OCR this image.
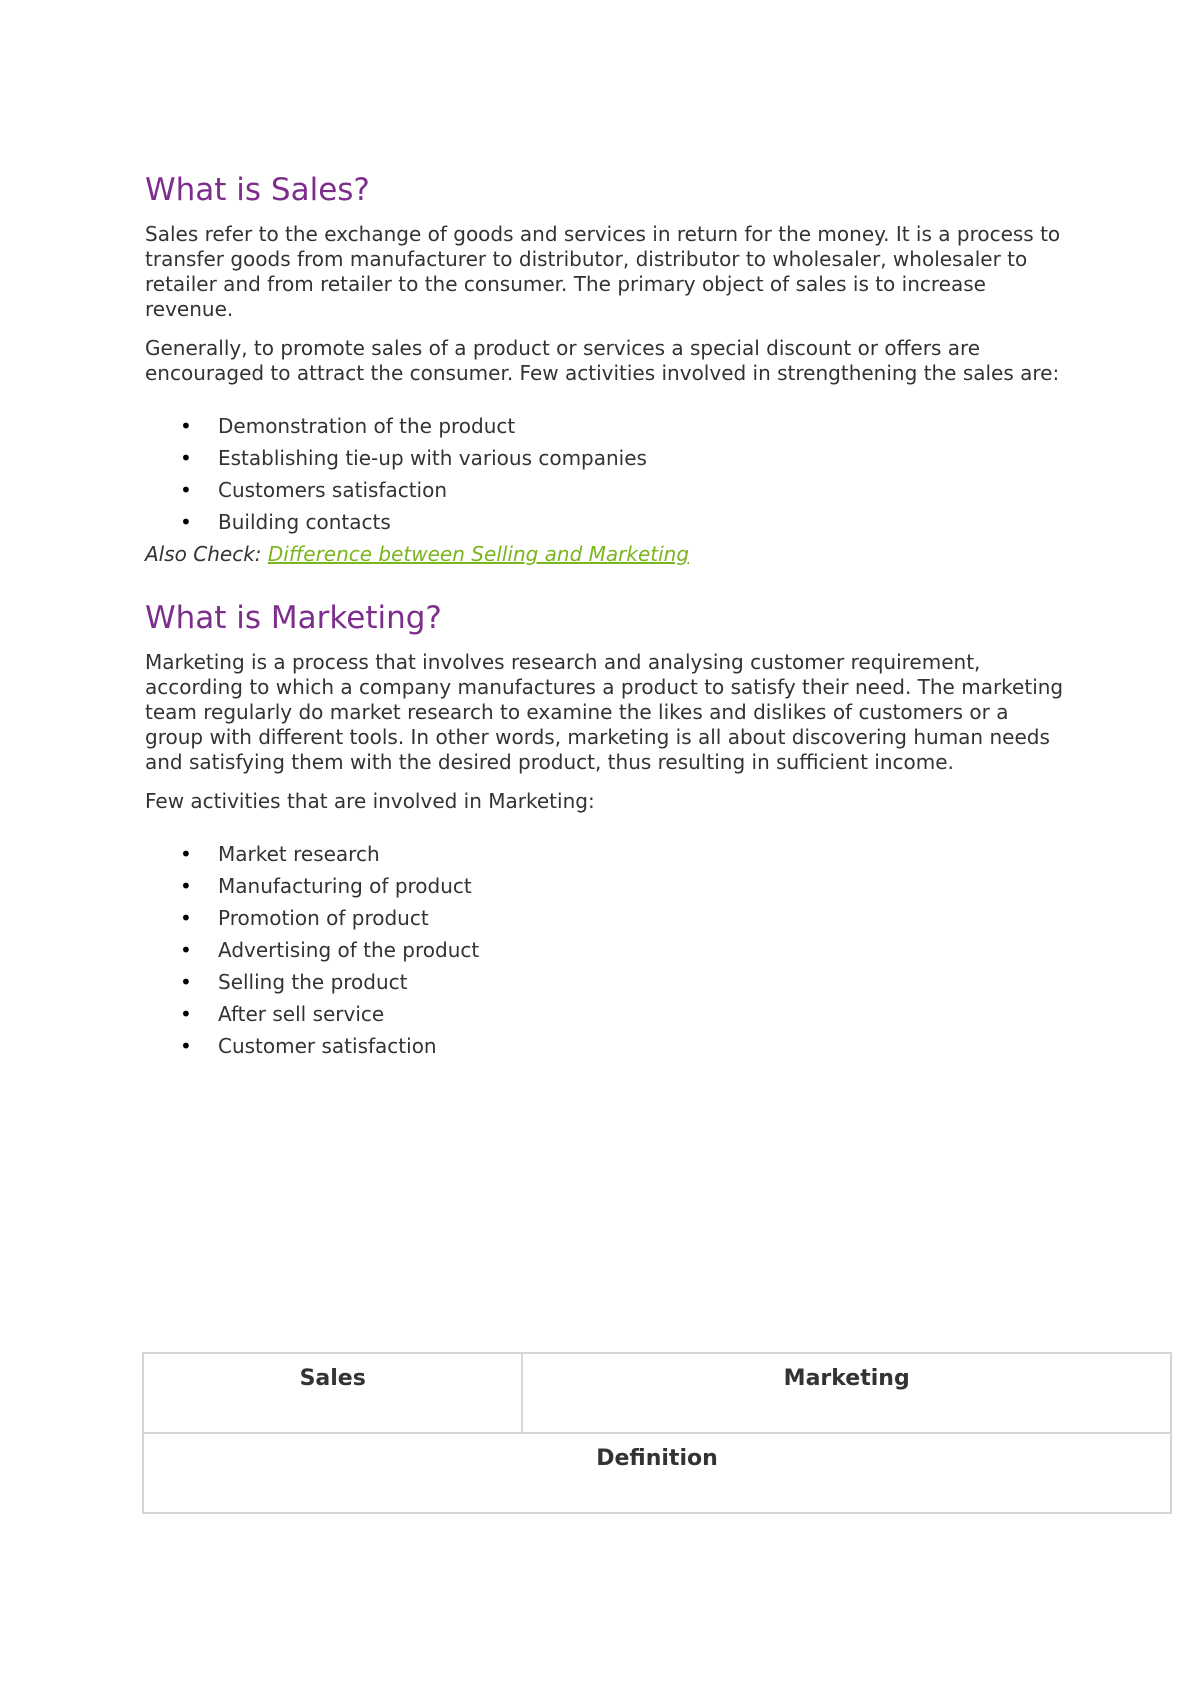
What is Sales?

Sales refer to the exchange of goods and services in return for the money. It is a process to transfer goods from manufacturer to distributor, distributor to wholesaler, wholesaler to retailer and from retailer to the consumer. The primary object of sales is to increase revenue.

Generally, to promote sales of a product or services a special discount or offers are encouraged to attract the consumer. Few activities involved in strengthening the sales are:

• Demonstration of the product
• Establishing tie-up with various companies
• Customers satisfaction
• Building contacts
Also Check: Difference between Selling and Marketing
What is Marketing?

Marketing is a process that involves research and analysing customer requirement, according to which a company manufactures a product to satisfy their need. The marketing team regularly do market research to examine the likes and dislikes of customers or a group with different tools. In other words, marketing is all about discovering human needs and satisfying them with the desired product, thus resulting in sufficient income.

Few activities that are involved in Marketing:

• Market research
• Manufacturing of product
• Promotion of product
• Advertising of the product
• Selling the product
• After sell service
• Customer satisfaction
Sales	Marketing
Definition
